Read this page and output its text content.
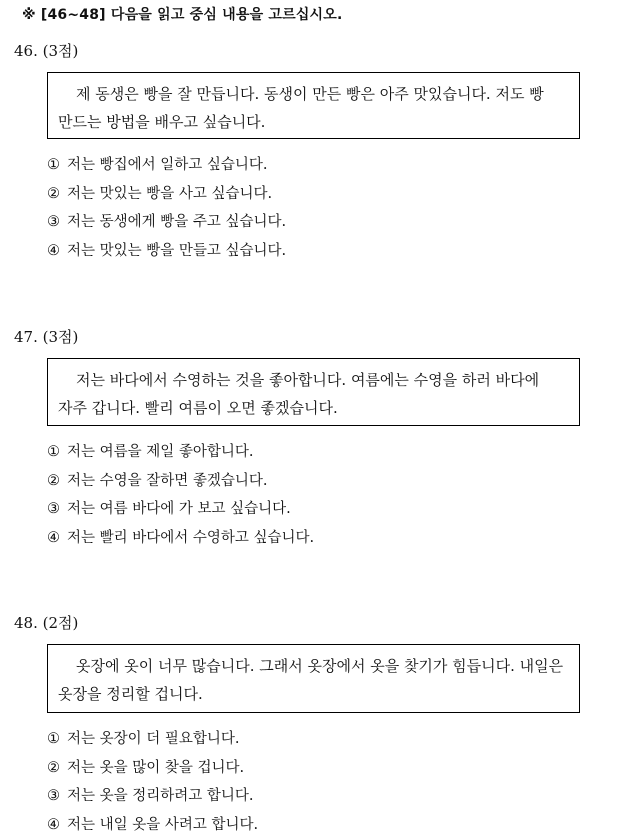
※ [46~48] 다음을 읽고 중심 내용을 고르십시오.
46. (3점)

제 동생은 빵을 잘 만듭니다. 동생이 만든 빵은 아주 맛있습니다. 저도 빵 만드는 방법을 배우고 싶습니다.

① 저는 빵집에서 일하고 싶습니다.
② 저는 맛있는 빵을 사고 싶습니다.
③ 저는 동생에게 빵을 주고 싶습니다.
④ 저는 맛있는 빵을 만들고 싶습니다.
47. (3점)

저는 바다에서 수영하는 것을 좋아합니다. 여름에는 수영을 하러 바다에 자주 갑니다. 빨리 여름이 오면 좋겠습니다.

① 저는 여름을 제일 좋아합니다.
② 저는 수영을 잘하면 좋겠습니다.
③ 저는 여름 바다에 가 보고 싶습니다.
④ 저는 빨리 바다에서 수영하고 싶습니다.
48. (2점)

옷장에 옷이 너무 많습니다. 그래서 옷장에서 옷을 찾기가 힘듭니다. 내일은 옷장을 정리할 겁니다.

① 저는 옷장이 더 필요합니다.
② 저는 옷을 많이 찾을 겁니다.
③ 저는 옷을 정리하려고 합니다.
④ 저는 내일 옷을 사려고 합니다.
